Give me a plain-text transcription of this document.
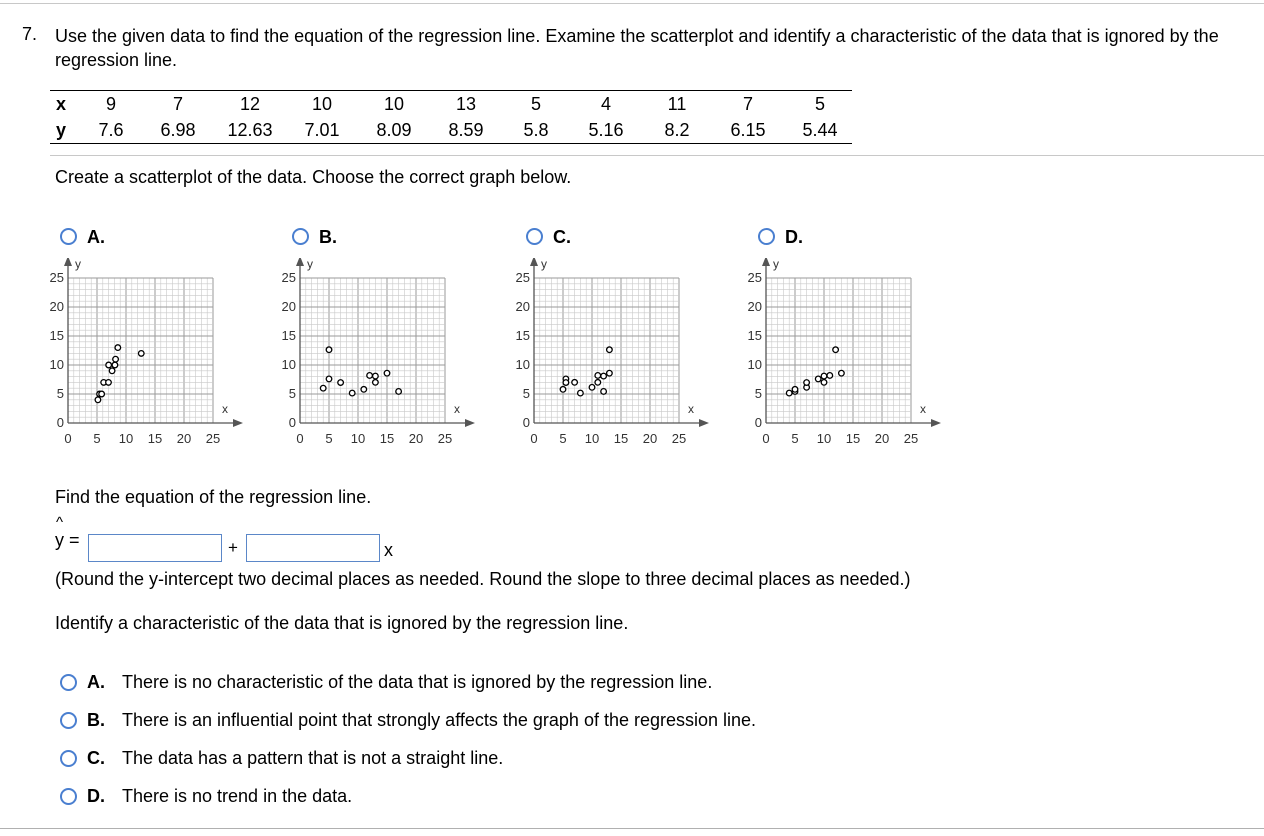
7. Use the given data to find the equation of the regression line. Examine the scatterplot and identify a characteristic of the data that is ignored by the regression line.
x	9	7	12	10	10	13	5	4	11	7	5
y	7.6	6.98	12.63	7.01	8.09	8.59	5.8	5.16	8.2	6.15	5.44
Create a scatterplot of the data. Choose the correct graph below.
A.
x
y
0 5 10 15 20 25
0
5
10
15
20
25
B.
x
y
0 5 10 15 20 25
0
5
10
15
20
25
C.
x
y
0 5 10 15 20 25
0
5
10
15
20
25
D.
x
y
0 5 10 15 20 25
0
5
10
15
20
25
Find the equation of the regression line.
^
y =	+	x
(Round the y-intercept two decimal places as needed. Round the slope to three decimal places as needed.)
Identify a characteristic of the data that is ignored by the regression line.
A. There is no characteristic of the data that is ignored by the regression line.
B. There is an influential point that strongly affects the graph of the regression line.
C. The data has a pattern that is not a straight line.
D. There is no trend in the data.
